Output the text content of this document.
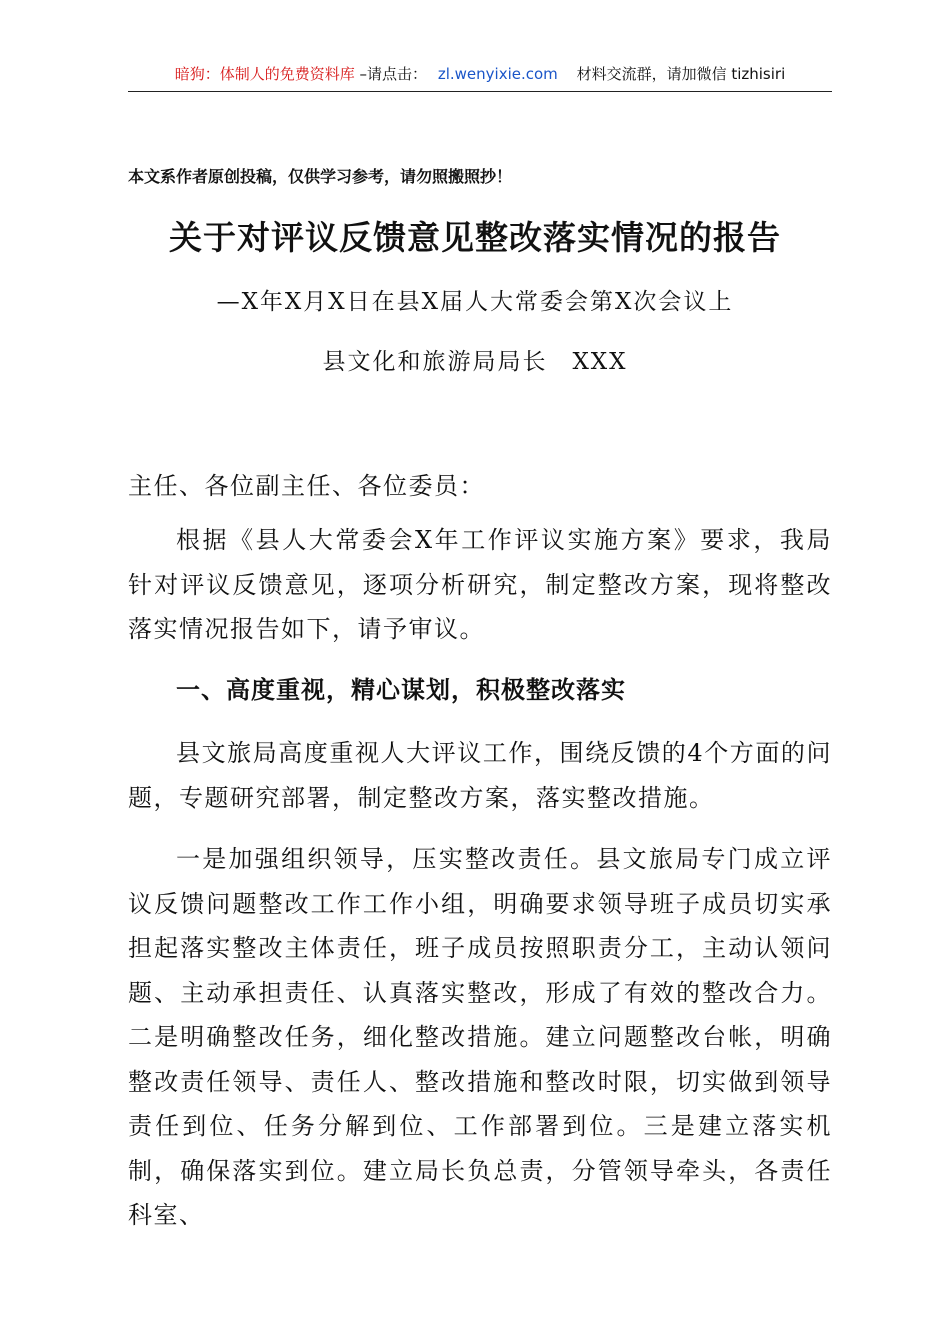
暗狗：体制人的免费资料库 –请点击： zl.wenyixie.com 材料交流群，请加微信 tizhisiri
本文系作者原创投稿，仅供学习参考，请勿照搬照抄！
关于对评议反馈意见整改落实情况的报告
—X年X月X日在县X届人大常委会第X次会议上
县文化和旅游局局长　XXX
主任、各位副主任、各位委员：
根据《县人大常委会X年工作评议实施方案》要求，我局针对评议反馈意见，逐项分析研究，制定整改方案，现将整改落实情况报告如下，请予审议。
一、高度重视，精心谋划，积极整改落实
县文旅局高度重视人大评议工作，围绕反馈的4个方面的问题，专题研究部署，制定整改方案，落实整改措施。
一是加强组织领导，压实整改责任。县文旅局专门成立评议反馈问题整改工作工作小组，明确要求领导班子成员切实承担起落实整改主体责任，班子成员按照职责分工，主动认领问题、主动承担责任、认真落实整改，形成了有效的整改合力。二是明确整改任务，细化整改措施。建立问题整改台帐，明确整改责任领导、责任人、整改措施和整改时限，切实做到领导责任到位、任务分解到位、工作部署到位。三是建立落实机制，确保落实到位。建立局长负总责，分管领导牵头，各责任科室、
